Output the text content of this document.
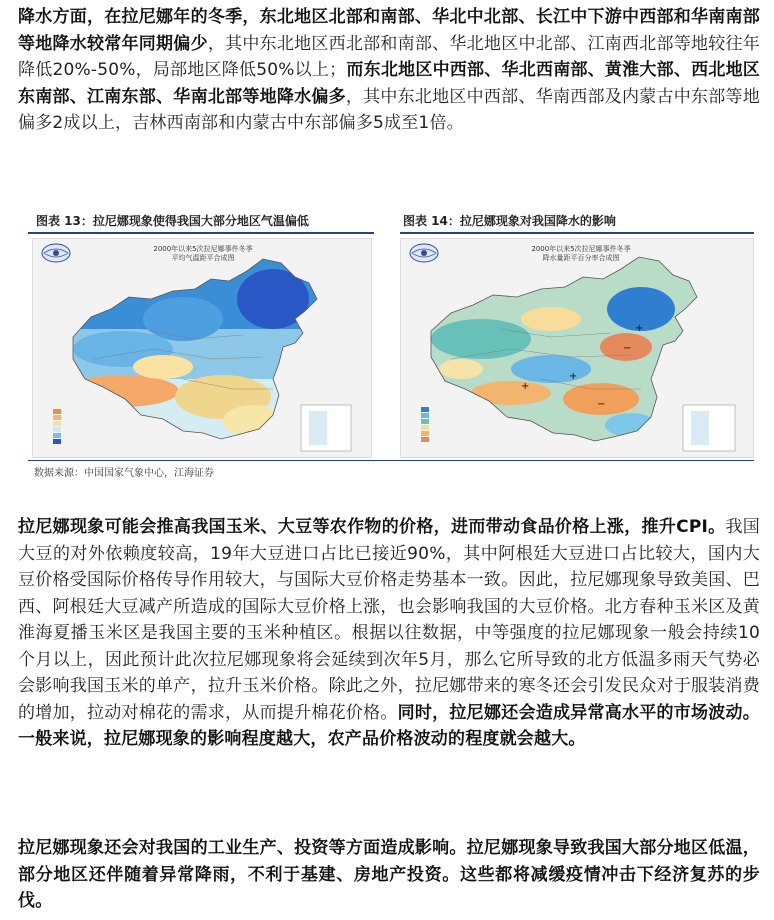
降水方面，在拉尼娜年的冬季，东北地区北部和南部、华北中北部、长江中下游中西部和华南南部等地降水较常年同期偏少，其中东北地区西北部和南部、华北地区中北部、江南西北部等地较往年降低20%-50%，局部地区降低50%以上；而东北地区中西部、华北西南部、黄淮大部、西北地区东南部、江南东部、华南北部等地降水偏多，其中东北地区中西部、华南西部及内蒙古中东部等地偏多2成以上，吉林西南部和内蒙古中东部偏多5成至1倍。
图表 13：拉尼娜现象使得我国大部分地区气温偏低	图表 14：拉尼娜现象对我国降水的影响
2000年以来5次拉尼娜事件冬季
平均气温距平合成图
2000年以来5次拉尼娜事件冬季
降水量距平百分率合成图
+
−
+
−
+
数据来源：中国国家气象中心，江海证券
拉尼娜现象可能会推高我国玉米、大豆等农作物的价格，进而带动食品价格上涨，推升CPI。我国大豆的对外依赖度较高，19年大豆进口占比已接近90%，其中阿根廷大豆进口占比较大，国内大豆价格受国际价格传导作用较大，与国际大豆价格走势基本一致。因此，拉尼娜现象导致美国、巴西、阿根廷大豆减产所造成的国际大豆价格上涨，也会影响我国的大豆价格。北方春种玉米区及黄淮海夏播玉米区是我国主要的玉米种植区。根据以往数据，中等强度的拉尼娜现象一般会持续10个月以上，因此预计此次拉尼娜现象将会延续到次年5月，那么它所导致的北方低温多雨天气势必会影响我国玉米的单产，拉升玉米价格。除此之外，拉尼娜带来的寒冬还会引发民众对于服装消费的增加，拉动对棉花的需求，从而提升棉花价格。同时，拉尼娜还会造成异常高水平的市场波动。一般来说，拉尼娜现象的影响程度越大，农产品价格波动的程度就会越大。
拉尼娜现象还会对我国的工业生产、投资等方面造成影响。拉尼娜现象导致我国大部分地区低温，部分地区还伴随着异常降雨，不利于基建、房地产投资。这些都将减缓疫情冲击下经济复苏的步伐。
